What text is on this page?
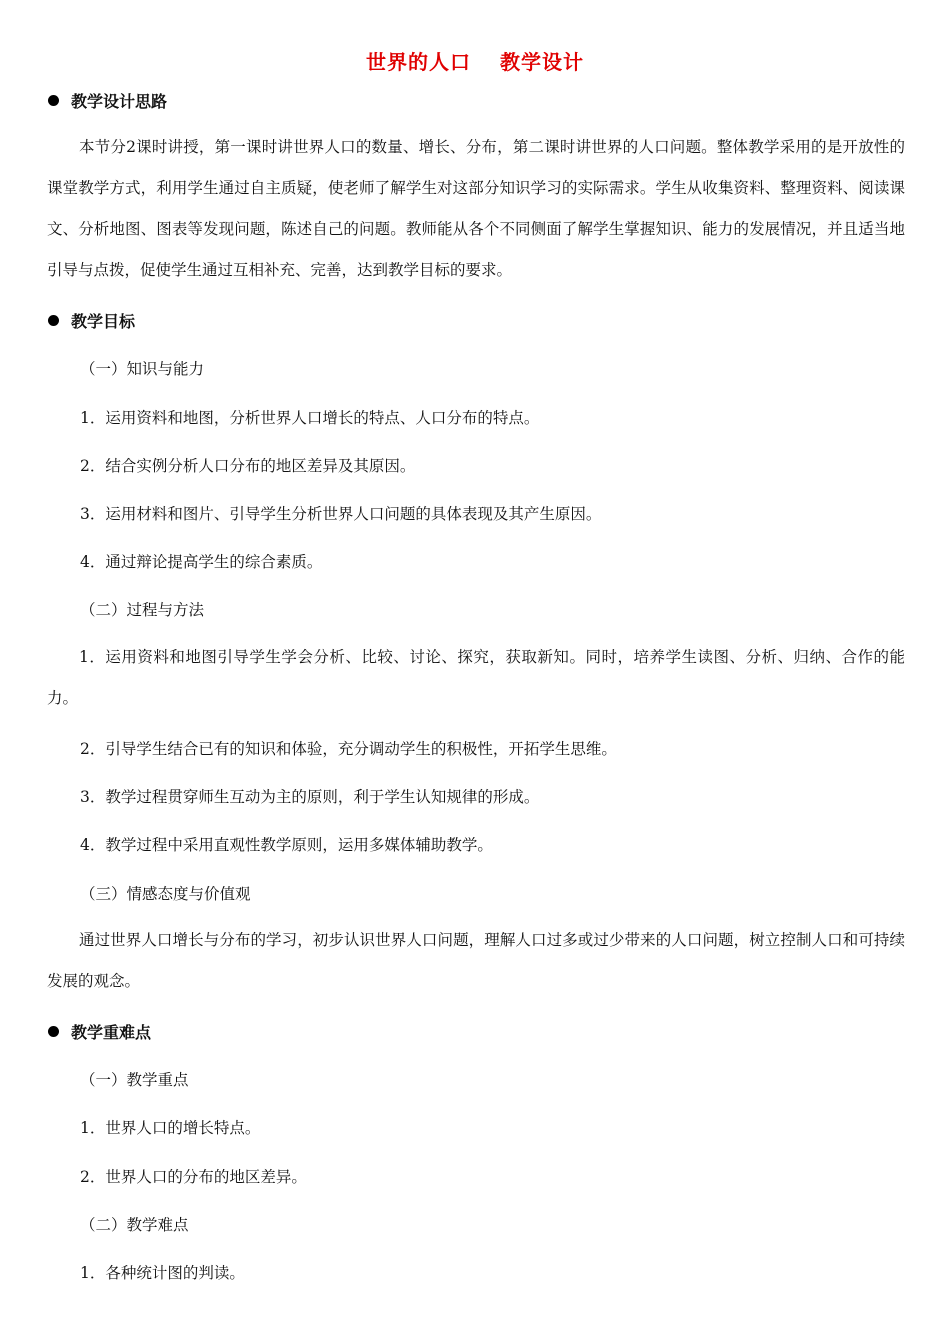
世界的人口　 教学设计
教学设计思路
本节分2课时讲授，第一课时讲世界人口的数量、增长、分布，第二课时讲世界的人口问题。整体教学采用的是开放性的课堂教学方式，利用学生通过自主质疑，使老师了解学生对这部分知识学习的实际需求。学生从收集资料、整理资料、阅读课文、分析地图、图表等发现问题，陈述自己的问题。教师能从各个不同侧面了解学生掌握知识、能力的发展情况，并且适当地引导与点拨，促使学生通过互相补充、完善，达到教学目标的要求。
教学目标
（一）知识与能力
1．运用资料和地图，分析世界人口增长的特点、人口分布的特点。
2．结合实例分析人口分布的地区差异及其原因。
3．运用材料和图片、引导学生分析世界人口问题的具体表现及其产生原因。
4．通过辩论提高学生的综合素质。
（二）过程与方法
1．运用资料和地图引导学生学会分析、比较、讨论、探究，获取新知。同时，培养学生读图、分析、归纳、合作的能力。
2．引导学生结合已有的知识和体验，充分调动学生的积极性，开拓学生思维。
3．教学过程贯穿师生互动为主的原则，利于学生认知规律的形成。
4．教学过程中采用直观性教学原则，运用多媒体辅助教学。
（三）情感态度与价值观
通过世界人口增长与分布的学习，初步认识世界人口问题，理解人口过多或过少带来的人口问题，树立控制人口和可持续发展的观念。
教学重难点
（一）教学重点
1．世界人口的增长特点。
2．世界人口的分布的地区差异。
（二）教学难点
1．各种统计图的判读。
